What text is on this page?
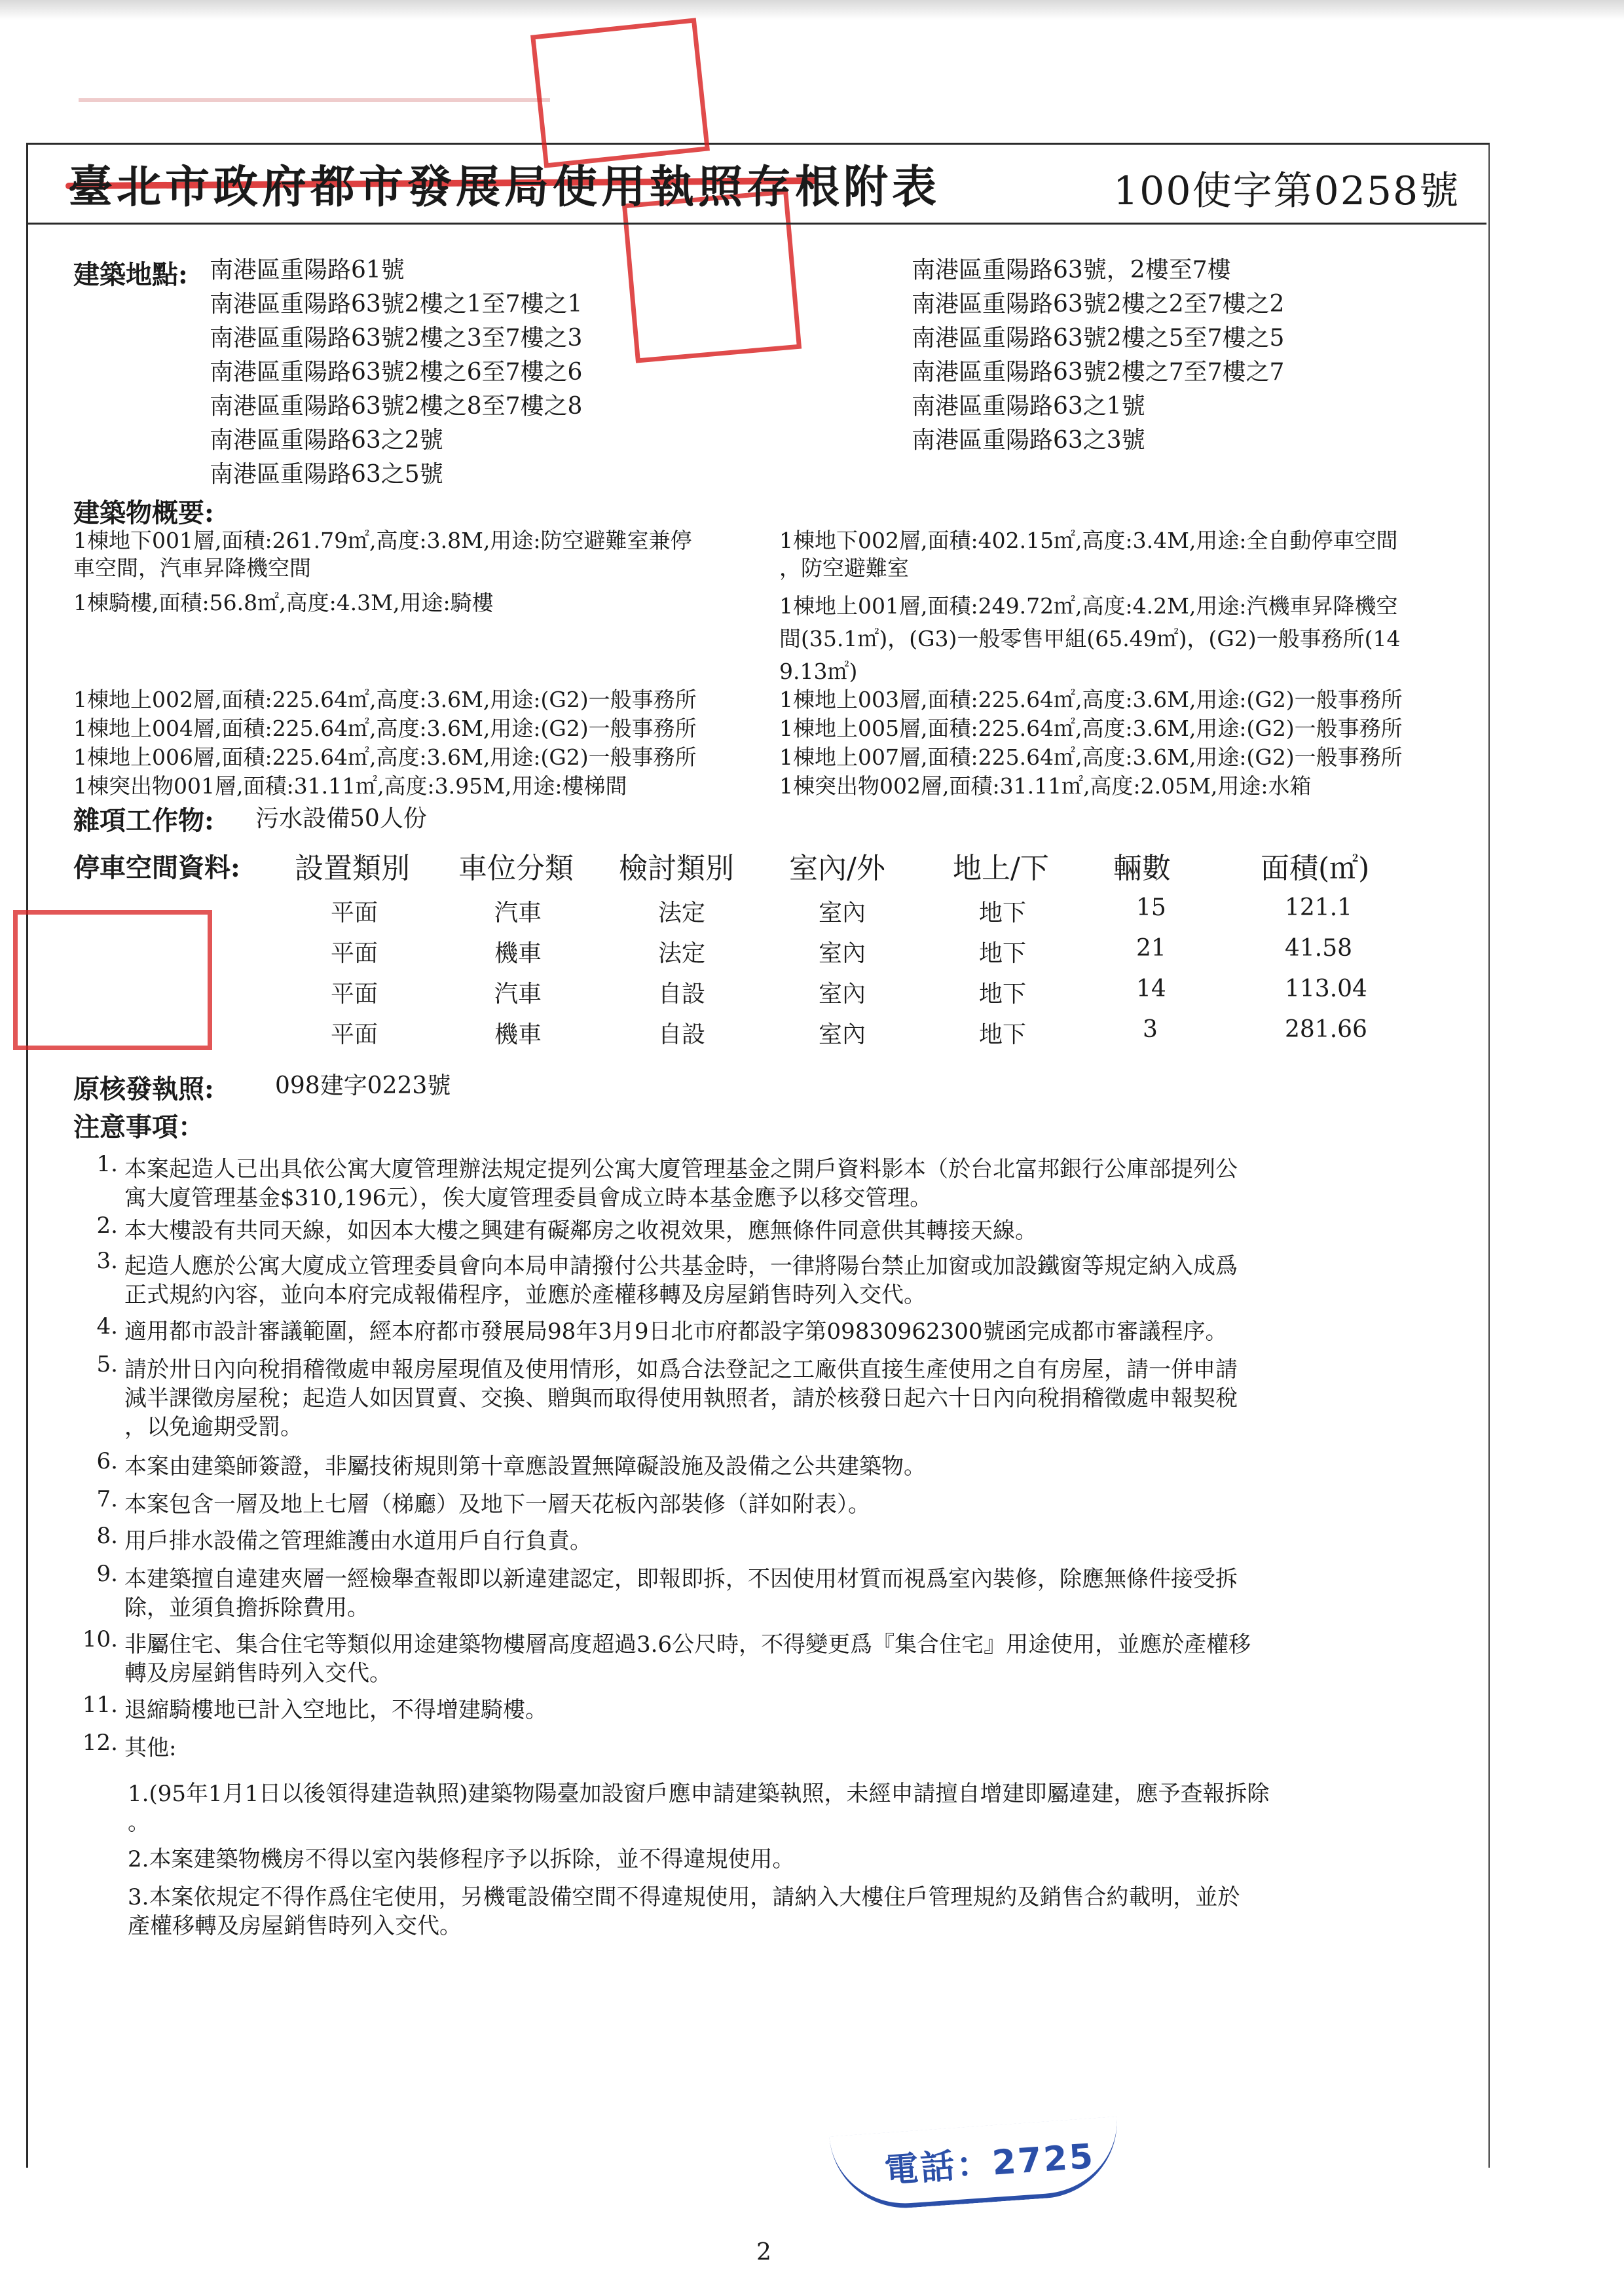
臺北市政府都市發展局使用執照存根附表	100使字第0258號
建築地點: 南港區重陽路61號
南港區重陽路63號2樓之1至7樓之1
南港區重陽路63號2樓之3至7樓之3
南港區重陽路63號2樓之6至7樓之6
南港區重陽路63號2樓之8至7樓之8
南港區重陽路63之2號
南港區重陽路63之5號
南港區重陽路63號，2樓至7樓
南港區重陽路63號2樓之2至7樓之2
南港區重陽路63號2樓之5至7樓之5
南港區重陽路63號2樓之7至7樓之7
南港區重陽路63之1號
南港區重陽路63之3號
建築物概要:
1棟地下001層,面積:261.79㎡,高度:3.8M,用途:防空避難室兼停
車空間，汽車昇降機空間
1棟地下002層,面積:402.15㎡,高度:3.4M,用途:全自動停車空間
，防空避難室
1棟騎樓,面積:56.8㎡,高度:4.3M,用途:騎樓	1棟地上001層,面積:249.72㎡,高度:4.2M,用途:汽機車昇降機空
間(35.1㎡)，(G3)一般零售甲組(65.49㎡)，(G2)一般事務所(14
9.13㎡)
1棟地上002層,面積:225.64㎡,高度:3.6M,用途:(G2)一般事務所	1棟地上003層,面積:225.64㎡,高度:3.6M,用途:(G2)一般事務所
1棟地上004層,面積:225.64㎡,高度:3.6M,用途:(G2)一般事務所	1棟地上005層,面積:225.64㎡,高度:3.6M,用途:(G2)一般事務所
1棟地上006層,面積:225.64㎡,高度:3.6M,用途:(G2)一般事務所	1棟地上007層,面積:225.64㎡,高度:3.6M,用途:(G2)一般事務所
1棟突出物001層,面積:31.11㎡,高度:3.95M,用途:樓梯間	1棟突出物002層,面積:31.11㎡,高度:2.05M,用途:水箱
雜項工作物: 污水設備50人份
停車空間資料: 設置類別 車位分類 檢討類別 室內/外 地上/下 輛數	面積(㎡)
平面	汽車	法定	室內	地下	15	121.1
平面	機車	法定	室內	地下	21	41.58
平面	汽車	自設	室內	地下	14	113.04
平面	機車	自設	室內	地下	3	281.66
原核發執照:	098建字0223號
注意事項：
1. 本案起造人已出具依公寓大廈管理辦法規定提列公寓大廈管理基金之開戶資料影本（於台北富邦銀行公庫部提列公
寓大廈管理基金$310,196元），俟大廈管理委員會成立時本基金應予以移交管理。
2. 本大樓設有共同天線，如因本大樓之興建有礙鄰房之收視效果，應無條件同意供其轉接天線。
3. 起造人應於公寓大廈成立管理委員會向本局申請撥付公共基金時，一律將陽台禁止加窗或加設鐵窗等規定納入成爲
正式規約內容，並向本府完成報備程序，並應於產權移轉及房屋銷售時列入交代。
4. 適用都市設計審議範圍，經本府都市發展局98年3月9日北市府都設字第09830962300號函完成都市審議程序。
5. 請於卅日內向稅捐稽徵處申報房屋現值及使用情形，如爲合法登記之工廠供直接生產使用之自有房屋，請一併申請
減半課徵房屋稅；起造人如因買賣、交換、贈與而取得使用執照者，請於核發日起六十日內向稅捐稽徵處申報契稅
，以免逾期受罰。
6. 本案由建築師簽證，非屬技術規則第十章應設置無障礙設施及設備之公共建築物。
7. 本案包含一層及地上七層（梯廳）及地下一層天花板內部裝修（詳如附表）。
8. 用戶排水設備之管理維護由水道用戶自行負責。
9. 本建築擅自違建夾層一經檢舉查報即以新違建認定，即報即拆，不因使用材質而視爲室內裝修，除應無條件接受拆
除，並須負擔拆除費用。
10. 非屬住宅、集合住宅等類似用途建築物樓層高度超過3.6公尺時，不得變更爲『集合住宅』用途使用，並應於產權移
轉及房屋銷售時列入交代。
11. 退縮騎樓地已計入空地比，不得增建騎樓。
12. 其他:
1.(95年1月1日以後領得建造執照)建築物陽臺加設窗戶應申請建築執照，未經申請擅自增建即屬違建，應予查報拆除
。
2.本案建築物機房不得以室內裝修程序予以拆除，並不得違規使用。
3.本案依規定不得作爲住宅使用，另機電設備空間不得違規使用，請納入大樓住戶管理規約及銷售合約載明，並於
產權移轉及房屋銷售時列入交代。
電話：2725
2
